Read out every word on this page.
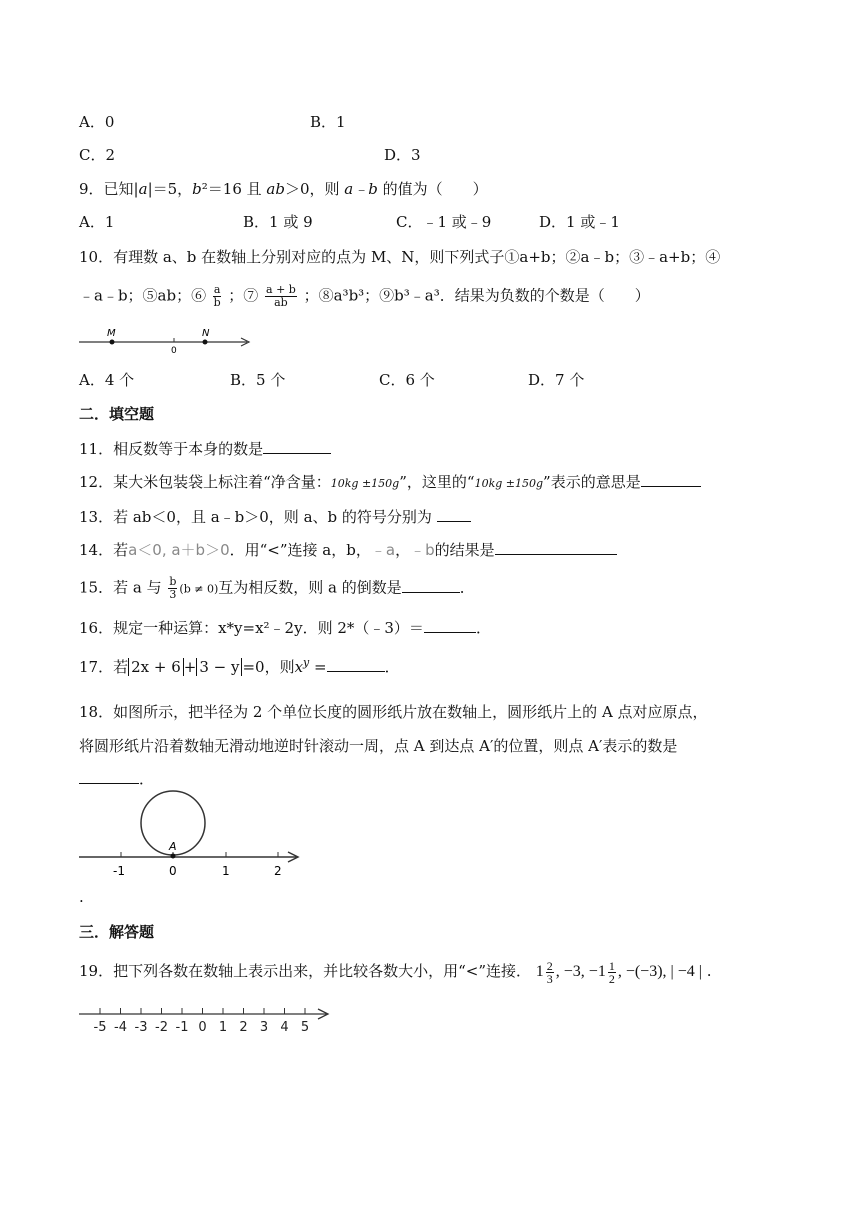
A．0	B．1
C．2	D．3
9．已知|a|＝5，b²＝16 且 ab＞0，则 a﹣b 的值为（　　）
A．1	B．1 或 9	C．﹣1 或﹣9	D．1 或﹣1
10．有理数 a、b 在数轴上分别对应的点为 M、N，则下列式子①a+b；②a﹣b；③﹣a+b；④
﹣a﹣b；⑤ab；⑥ $\frac{a}{b}$ ；⑦ $\frac{a + b}{ab}$ ；⑧a³b³；⑨b³﹣a³．结果为负数的个数是（　　）
M
0
N
A．4 个	B．5 个	C．6 个	D．7 个
二．填空题
11．相反数等于本身的数是
12．某大米包装袋上标注着“净含量：10kg ±150g”，这里的“10kg ±150g”表示的意思是
13．若 ab＜0，且 a﹣b＞0，则 a、b 的符号分别为
14．若a＜0, a＋b＞0．用“<”连接 a，b，﹣a，﹣b的结果是
15．若 a 与 $\frac{b}{3} (b \ne 0)$互为相反数，则 a 的倒数是	．
16．规定一种运算：x*y=x²﹣2y．则 2*（﹣3）＝	．
17．若 2x + 6 + 3 − y =0，则$x^y$ =	．
18．如图所示，把半径为 2 个单位长度的圆形纸片放在数轴上，圆形纸片上的 A 点对应原点，
将圆形纸片沿着数轴无滑动地逆时针滚动一周，点 A 到达点 A′的位置，则点 A′表示的数是
．
A
-1	0	1	2
.
三．解答题
19．把下列各数在数轴上表示出来，并比较各数大小，用“<”连接． $1 \frac{2}{3}$ , −3, $-1 \frac{1}{2}$ , −(−3), | −4 | .
-5 -4 -3 -2 -1 0 1 2 3 4 5
